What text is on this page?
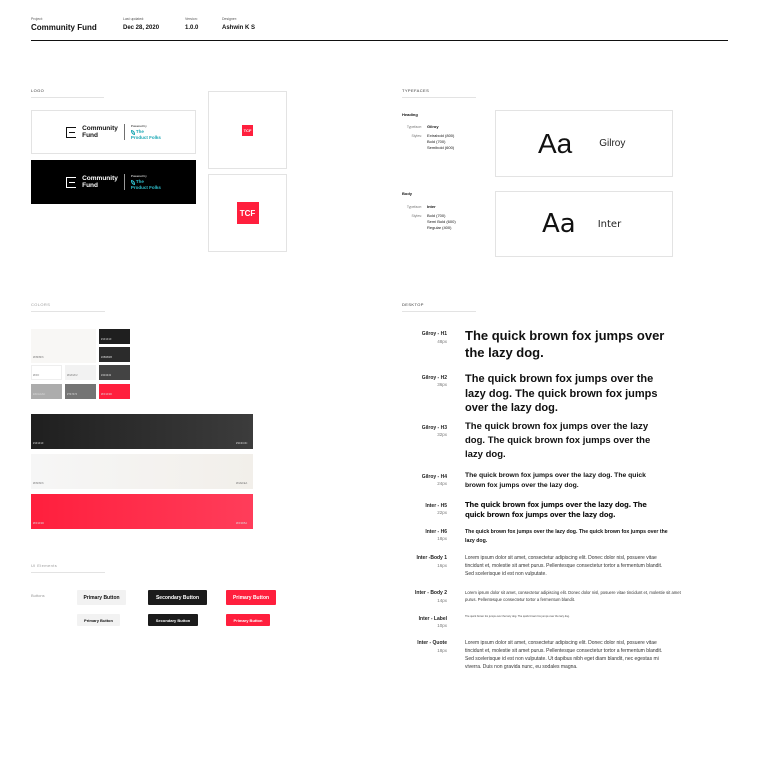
Project:
Community Fund
Last updated:
Dec 28, 2020
Version:
1.0.0
Designer:
Ashwin K S
LOGO
Community
Fund
Powered by
The
Product Folks
Community
Fund
Powered by
The
Product Folks
TCF
TCF
TYPEFACES
Heading
Typeface: Gilroy
Styles: Extrabold (800)
Bold (700)
Semibold (600)	Aa	Gilroy
Body
Typeface: Inter
Styles: Bold (700)
Semi Bold (600)
Regular (400)	Aa Inter
COLORS
#F8F8F6
#1F1F1F
#2B2B2B
#434343
#FFF	#F2F2F2
#ACACAC	#747474	#FF1F3D
#1F1F1F	#3C3C3C
#F6F6F6	#F2EFEA
#FF1F3D	#FF3D5A
UI Elements
Buttons	Primary Button	Secondary Button	Primary Button
Primary Button	Secondary Button	Primary Button
DESKTOP
Gilroy - H1
48px The quick brown fox jumps over the lazy dog.
Gilroy - H2
36px The quick brown fox jumps over the lazy dog. The quick brown fox jumps over the lazy dog.
Gilroy - H3
32px
The quick brown fox jumps over the lazy dog. The quick brown fox jumps over the lazy dog.
Gilroy - H4
24px
The quick brown fox jumps over the lazy dog. The quick brown fox jumps over the lazy dog.
Inter - H5
22px
The quick brown fox jumps over the lazy dog. The quick brown fox jumps over the lazy dog.
Inter - H6
18px
The quick brown fox jumps over the lazy dog. The quick brown fox jumps over the lazy dog.
Inter -Body 1
16px
Lorem ipsum dolor sit amet, consectetur adipiscing elit. Donec dolor nisl, posuere vitae tincidunt et, molestie sit amet purus. Pellentesque consectetur tortor a fermentum blandit. Sed scelerisque id est non vulputate.
Inter - Body 2
14px
Lorem ipsum dolor sit amet, consectetur adipiscing elit. Donec dolor nisl, posuere vitae tincidunt et, molestie sit amet purus. Pellentesque consectetur tortor a fermentum blandit.
Inter - Label
10px
The quick brown fox jumps over the lazy dog. The quick brown fox jumps over the lazy dog.
Inter - Quote
18px
Lorem ipsum dolor sit amet, consectetur adipiscing elit. Donec dolor nisl, posuere vitae tincidunt et, molestie sit amet purus. Pellentesque consectetur tortor a fermentum blandit. Sed scelerisque id est non vulputate. Ut dapibus nibh eget diam blandit, nec egestas mi viverra. Duis non gravida nunc, eu sodales magna.
